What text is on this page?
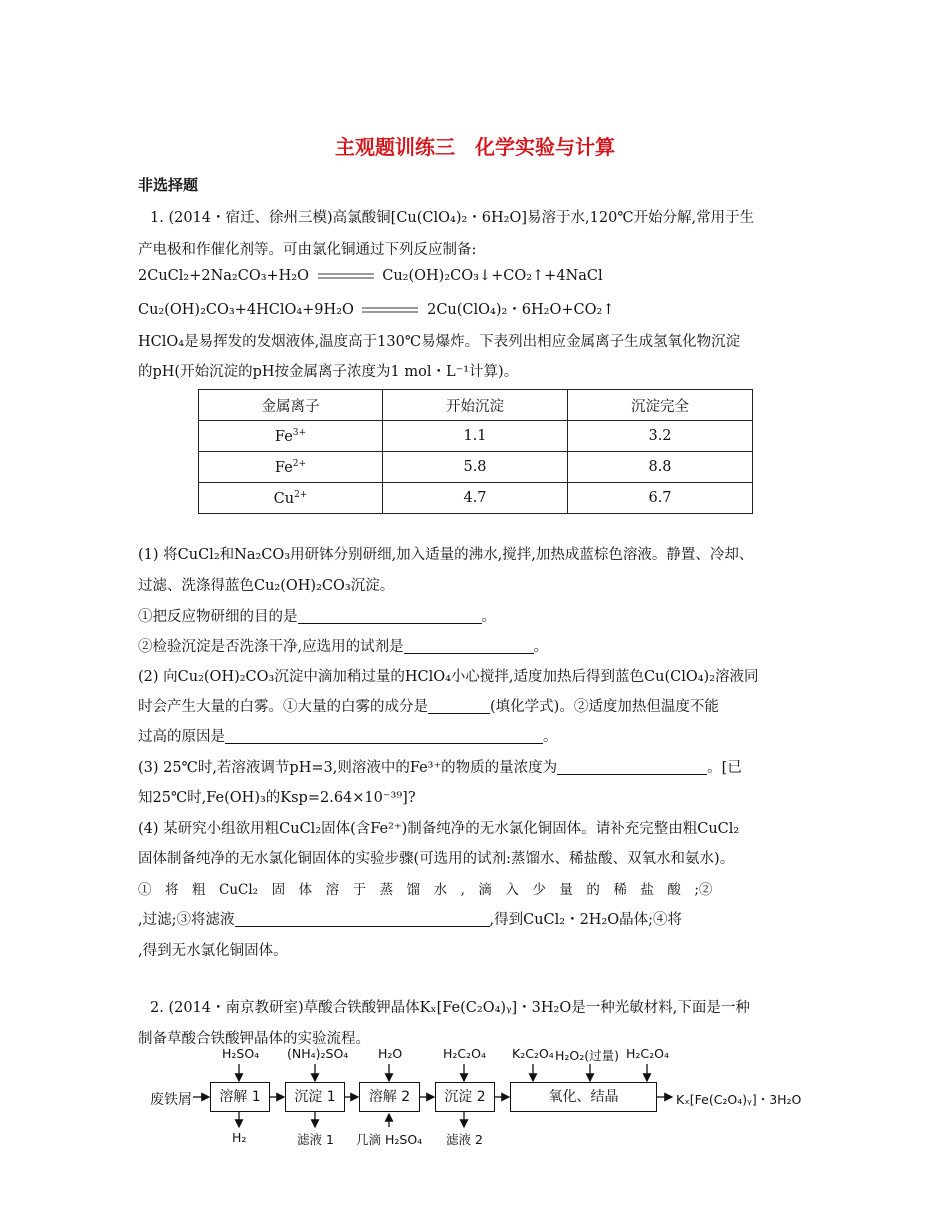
主观题训练三　化学实验与计算
非选择题
1. (2014・宿迁、徐州三模)高氯酸铜[Cu(ClO₄)₂・6H₂O]易溶于水,120℃开始分解,常用于生
产电极和作催化剂等。可由氯化铜通过下列反应制备:
2CuCl₂+2Na₂CO₃+H₂O	Cu₂(OH)₂CO₃↓+CO₂↑+4NaCl
Cu₂(OH)₂CO₃+4HClO₄+9H₂O	2Cu(ClO₄)₂・6H₂O+CO₂↑
HClO₄是易挥发的发烟液体,温度高于130℃易爆炸。下表列出相应金属离子生成氢氧化物沉淀
的pH(开始沉淀的pH按金属离子浓度为1 mol・L⁻¹计算)。
金属离子	开始沉淀	沉淀完全
$Fe^{3+}$	1.1	3.2
$Fe^{2+}$	5.8	8.8
$Cu^{2+}$	4.7	6.7
(1) 将CuCl₂和Na₂CO₃用研钵分别研细,加入适量的沸水,搅拌,加热成蓝棕色溶液。静置、冷却、
过滤、洗涤得蓝色Cu₂(OH)₂CO₃沉淀。
①把反应物研细的目的是	。
②检验沉淀是否洗涤干净,应选用的试剂是	。
(2) 向Cu₂(OH)₂CO₃沉淀中滴加稍过量的HClO₄小心搅拌,适度加热后得到蓝色Cu(ClO₄)₂溶液同
时会产生大量的白雾。①大量的白雾的成分是	(填化学式)。②适度加热但温度不能
过高的原因是	。
(3) 25℃时,若溶液调节pH=3,则溶液中的Fe³⁺的物质的量浓度为	。[已
知25℃时,Fe(OH)₃的Ksp=2.64×10⁻³⁹]?
(4) 某研究小组欲用粗CuCl₂固体(含Fe²⁺)制备纯净的无水氯化铜固体。请补充完整由粗CuCl₂
固体制备纯净的无水氯化铜固体的实验步骤(可选用的试剂:蒸馏水、稀盐酸、双氧水和氨水)。
①　将　粗　CuCl₂　固　体　溶　于　蒸　馏　水　,　滴　入　少　量　的　稀　盐　酸　;②
,过滤;③将滤液	,得到CuCl₂・2H₂O晶体;④将
,得到无水氯化铜固体。
2. (2014・南京教研室)草酸合铁酸钾晶体Kₓ[Fe(C₂O₄)ᵧ]・3H₂O是一种光敏材料,下面是一种
制备草酸合铁酸钾晶体的实验流程。
废铁屑	溶解 1	沉淀 1	溶解 2	沉淀 2	氧化、结晶
H₂SO₄ (NH₄)₂SO₄ H₂O	H₂C₂O₄ K₂C₂O₄ H₂O₂(过量) H₂C₂O₄
H₂	滤液 1 几滴 H₂SO₄ 滤液 2
Kₓ[Fe(C₂O₄)ᵧ]・3H₂O
